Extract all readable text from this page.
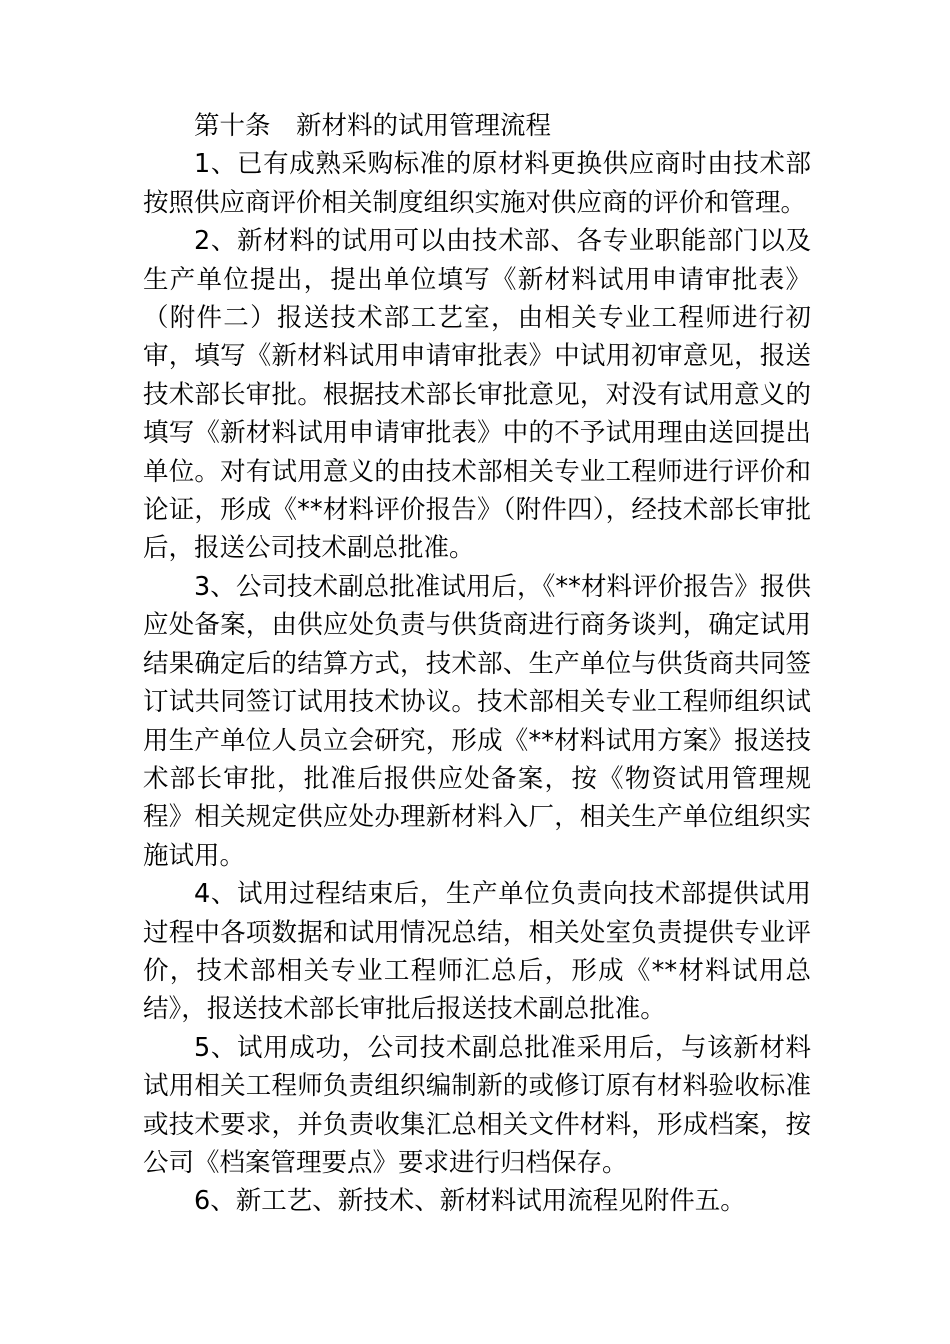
第十条　新材料的试用管理流程

1、已有成熟采购标准的原材料更换供应商时由技术部按照供应商评价相关制度组织实施对供应商的评价和管理。

2、新材料的试用可以由技术部、各专业职能部门以及生产单位提出，提出单位填写《新材料试用申请审批表》（附件二）报送技术部工艺室，由相关专业工程师进行初审，填写《新材料试用申请审批表》中试用初审意见，报送技术部长审批。根据技术部长审批意见，对没有试用意义的填写《新材料试用申请审批表》中的不予试用理由送回提出单位。对有试用意义的由技术部相关专业工程师进行评价和论证，形成《**材料评价报告》（附件四），经技术部长审批后，报送公司技术副总批准。

3、公司技术副总批准试用后，《**材料评价报告》报供应处备案，由供应处负责与供货商进行商务谈判，确定试用结果确定后的结算方式，技术部、生产单位与供货商共同签订试共同签订试用技术协议。技术部相关专业工程师组织试用生产单位人员立会研究，形成《**材料试用方案》报送技术部长审批，批准后报供应处备案，按《物资试用管理规程》相关规定供应处办理新材料入厂，相关生产单位组织实施试用。

4、试用过程结束后，生产单位负责向技术部提供试用过程中各项数据和试用情况总结，相关处室负责提供专业评价，技术部相关专业工程师汇总后，形成《**材料试用总结》，报送技术部长审批后报送技术副总批准。

5、试用成功，公司技术副总批准采用后，与该新材料试用相关工程师负责组织编制新的或修订原有材料验收标准或技术要求，并负责收集汇总相关文件材料，形成档案，按公司《档案管理要点》要求进行归档保存。

6、新工艺、新技术、新材料试用流程见附件五。
